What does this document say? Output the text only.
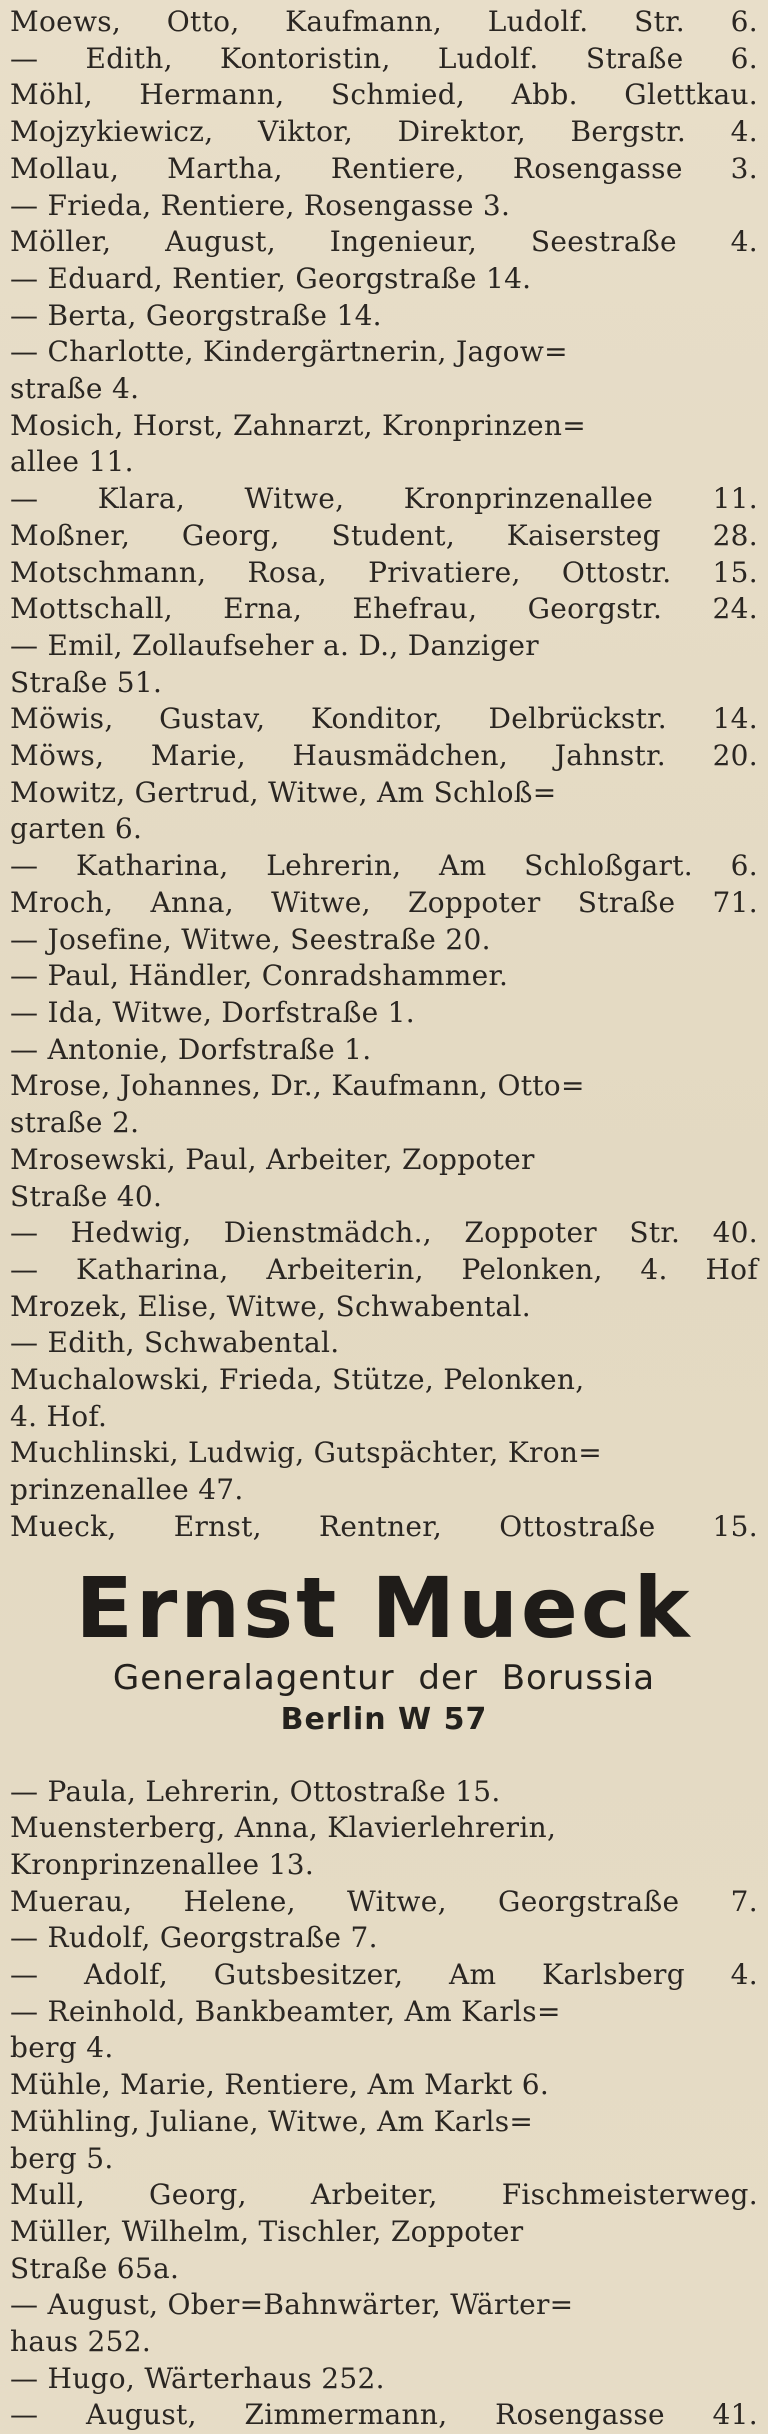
Moews, Otto, Kaufmann, Ludolf. Str. 6.
— Edith, Kontoristin, Ludolf. Straße 6.
Möhl, Hermann, Schmied, Abb. Glettkau.
Mojzykiewicz, Viktor, Direktor, Bergstr. 4.
Mollau, Martha, Rentiere, Rosengasse 3.
— Frieda, Rentiere, Rosengasse 3.
Möller, August, Ingenieur, Seestraße 4.
— Eduard, Rentier, Georgstraße 14.
— Berta, Georgstraße 14.
— Charlotte, Kindergärtnerin, Jagow=
straße 4.
Mosich, Horst, Zahnarzt, Kronprinzen=
allee 11.
— Klara, Witwe, Kronprinzenallee 11.
Moßner, Georg, Student, Kaisersteg 28.
Motschmann, Rosa, Privatiere, Ottostr. 15.
Mottschall, Erna, Ehefrau, Georgstr. 24.
— Emil, Zollaufseher a. D., Danziger
Straße 51.
Möwis, Gustav, Konditor, Delbrückstr. 14.
Möws, Marie, Hausmädchen, Jahnstr. 20.
Mowitz, Gertrud, Witwe, Am Schloß=
garten 6.
— Katharina, Lehrerin, Am Schloßgart. 6.
Mroch, Anna, Witwe, Zoppoter Straße 71.
— Josefine, Witwe, Seestraße 20.
— Paul, Händler, Conradshammer.
— Ida, Witwe, Dorfstraße 1.
— Antonie, Dorfstraße 1.
Mrose, Johannes, Dr., Kaufmann, Otto=
straße 2.
Mrosewski, Paul, Arbeiter, Zoppoter
Straße 40.
— Hedwig, Dienstmädch., Zoppoter Str. 40.
— Katharina, Arbeiterin, Pelonken, 4. Hof
Mrozek, Elise, Witwe, Schwabental.
— Edith, Schwabental.
Muchalowski, Frieda, Stütze, Pelonken,
4. Hof.
Muchlinski, Ludwig, Gutspächter, Kron=
prinzenallee 47.
Mueck, Ernst, Rentner, Ottostraße 15.
Ernst Mueck
Generalagentur der Borussia
Berlin W 57
— Paula, Lehrerin, Ottostraße 15.
Muensterberg, Anna, Klavierlehrerin,
Kronprinzenallee 13.
Muerau, Helene, Witwe, Georgstraße 7.
— Rudolf, Georgstraße 7.
— Adolf, Gutsbesitzer, Am Karlsberg 4.
— Reinhold, Bankbeamter, Am Karls=
berg 4.
Mühle, Marie, Rentiere, Am Markt 6.
Mühling, Juliane, Witwe, Am Karls=
berg 5.
Mull, Georg, Arbeiter, Fischmeisterweg.
Müller, Wilhelm, Tischler, Zoppoter
Straße 65a.
— August, Ober=Bahnwärter, Wärter=
haus 252.
— Hugo, Wärterhaus 252.
— August, Zimmermann, Rosengasse 41.
